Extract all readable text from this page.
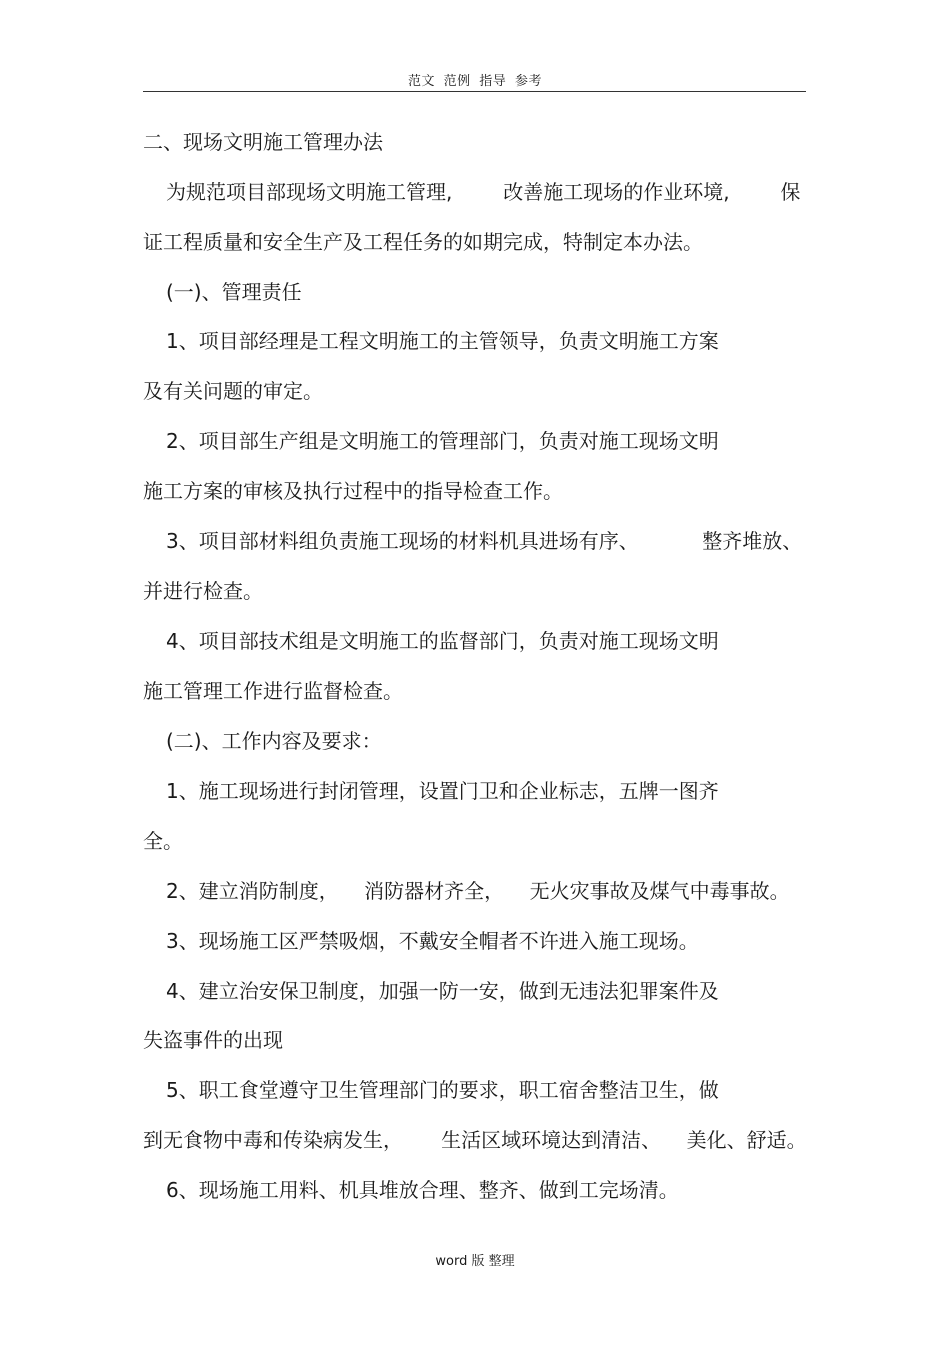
范文 范例 指导 参考
二、现场文明施工管理办法
为规范项目部现场文明施工管理,        改善施工现场的作业环境,        保
证工程质量和安全生产及工程任务的如期完成，特制定本办法。
(一)、管理责任
1、项目部经理是工程文明施工的主管领导，负责文明施工方案
及有关问题的审定。
2、项目部生产组是文明施工的管理部门，负责对施工现场文明
施工方案的审核及执行过程中的指导检查工作。
3、项目部材料组负责施工现场的材料机具进场有序、          整齐堆放、
并进行检查。
4、项目部技术组是文明施工的监督部门，负责对施工现场文明
施工管理工作进行监督检查。
(二)、工作内容及要求：
1、施工现场进行封闭管理，设置门卫和企业标志，五牌一图齐
全。
2、建立消防制度，    消防器材齐全，    无火灾事故及煤气中毒事故。
3、现场施工区严禁吸烟，不戴安全帽者不许进入施工现场。
4、建立治安保卫制度，加强一防一安，做到无违法犯罪案件及
失盗事件的出现
5、职工食堂遵守卫生管理部门的要求，职工宿舍整洁卫生，做
到无食物中毒和传染病发生，      生活区域环境达到清洁、    美化、舒适。
6、现场施工用料、机具堆放合理、整齐、做到工完场清。
word 版 整理
